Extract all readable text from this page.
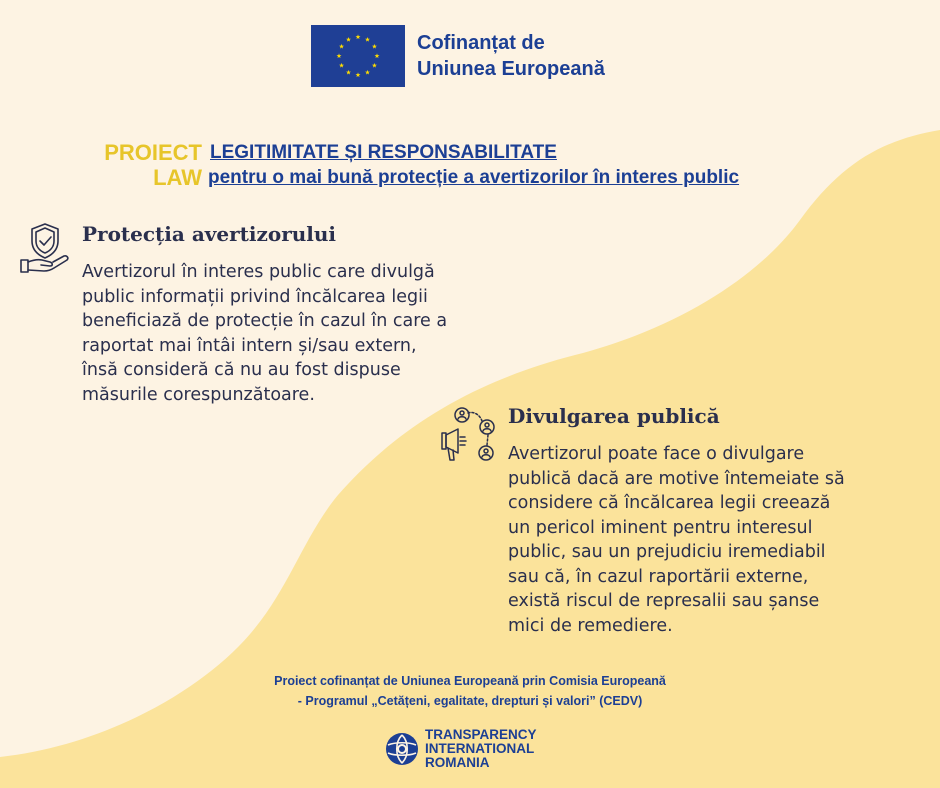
Cofinanțat de
Uniunea Europeană
PROIECT
LAW
LEGITIMITATE ȘI RESPONSABILITATE
pentru o mai bună protecție a avertizorilor în interes public
Protecția avertizorului
Avertizorul în interes public care divulgă
public informații privind încălcarea legii
beneficiază de protecție în cazul în care a
raportat mai întâi intern și/sau extern,
însă consideră că nu au fost dispuse
măsurile corespunzătoare.
Divulgarea publică
Avertizorul poate face o divulgare
publică dacă are motive întemeiate să
considere că încălcarea legii creează
un pericol iminent pentru interesul
public, sau un prejudiciu iremediabil
sau că, în cazul raportării externe,
există riscul de represalii sau șanse
mici de remediere.
Proiect cofinanțat de Uniunea Europeană prin Comisia Europeană
- Programul „Cetățeni, egalitate, drepturi și valori” (CEDV)
TRANSPARENCY
INTERNATIONAL
ROMANIA
